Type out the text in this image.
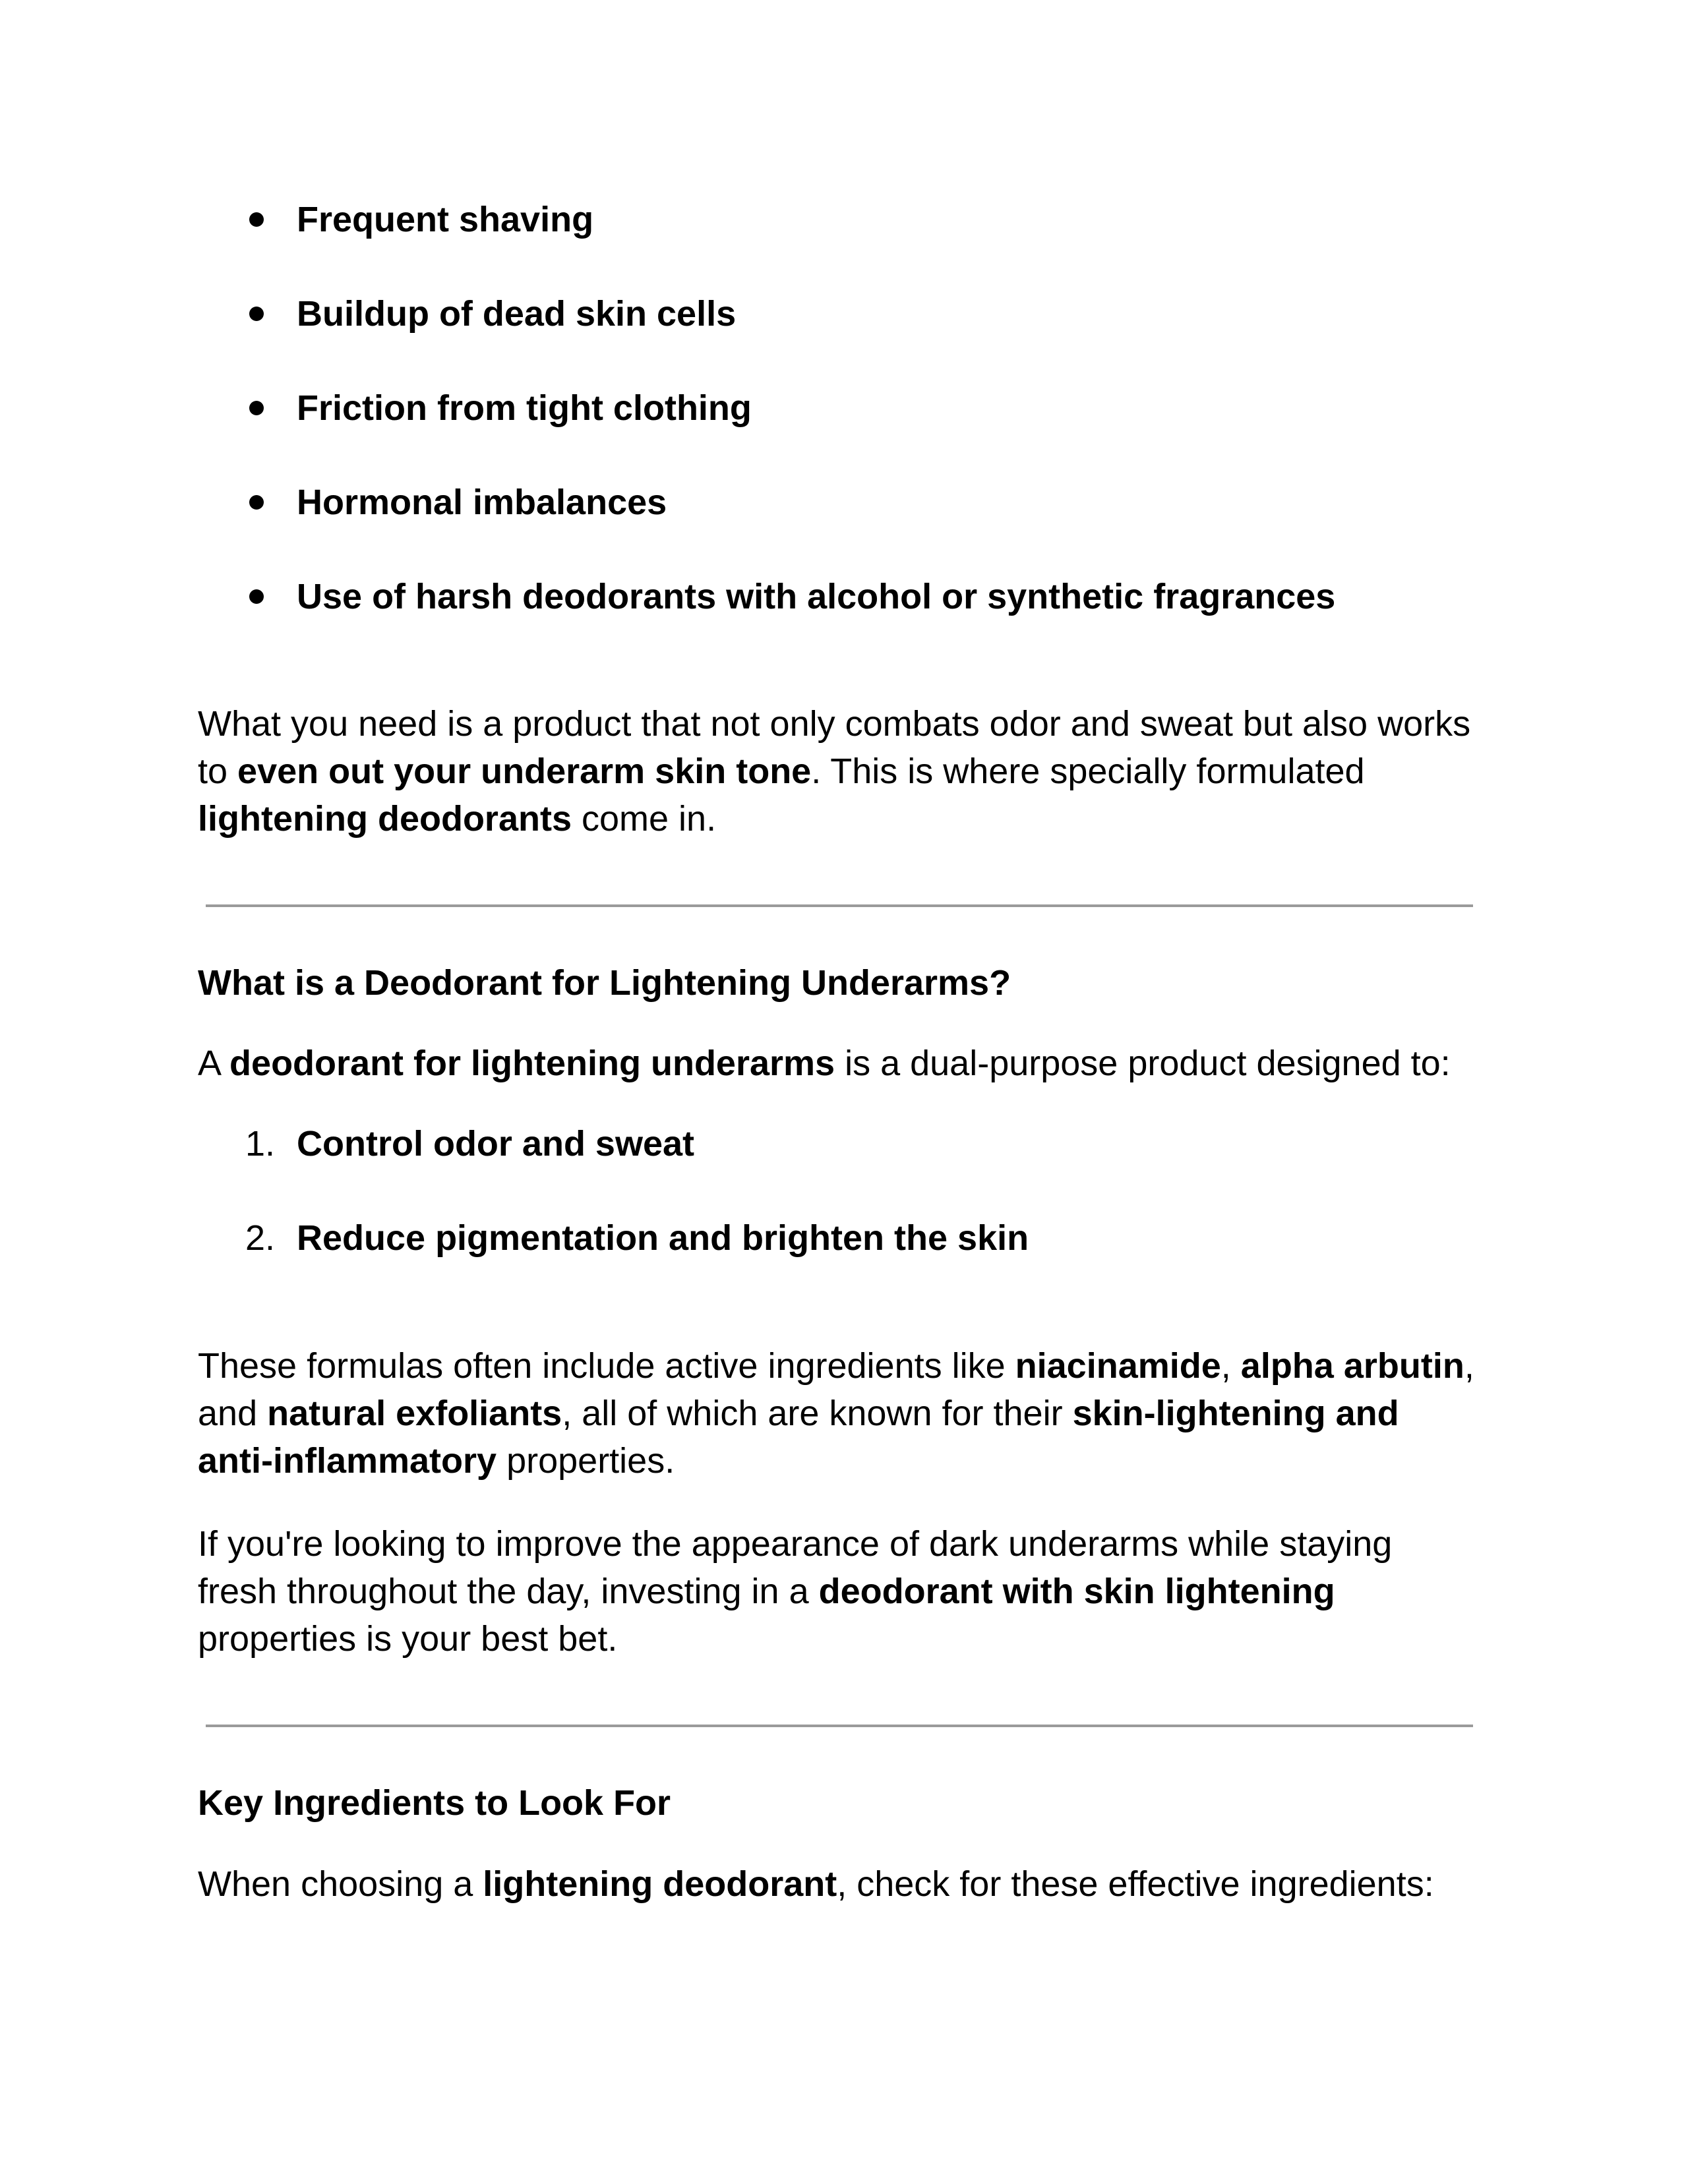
Frequent shaving
Buildup of dead skin cells
Friction from tight clothing
Hormonal imbalances
Use of harsh deodorants with alcohol or synthetic fragrances
What you need is a product that not only combats odor and sweat but also works
to even out your underarm skin tone. This is where specially formulated
lightening deodorants come in.
What is a Deodorant for Lightening Underarms?
A deodorant for lightening underarms is a dual-purpose product designed to:
1. Control odor and sweat
2. Reduce pigmentation and brighten the skin
These formulas often include active ingredients like niacinamide, alpha arbutin,
and natural exfoliants, all of which are known for their skin-lightening and
anti-inflammatory properties.
If you're looking to improve the appearance of dark underarms while staying
fresh throughout the day, investing in a deodorant with skin lightening
properties is your best bet.
Key Ingredients to Look For
When choosing a lightening deodorant, check for these effective ingredients:
